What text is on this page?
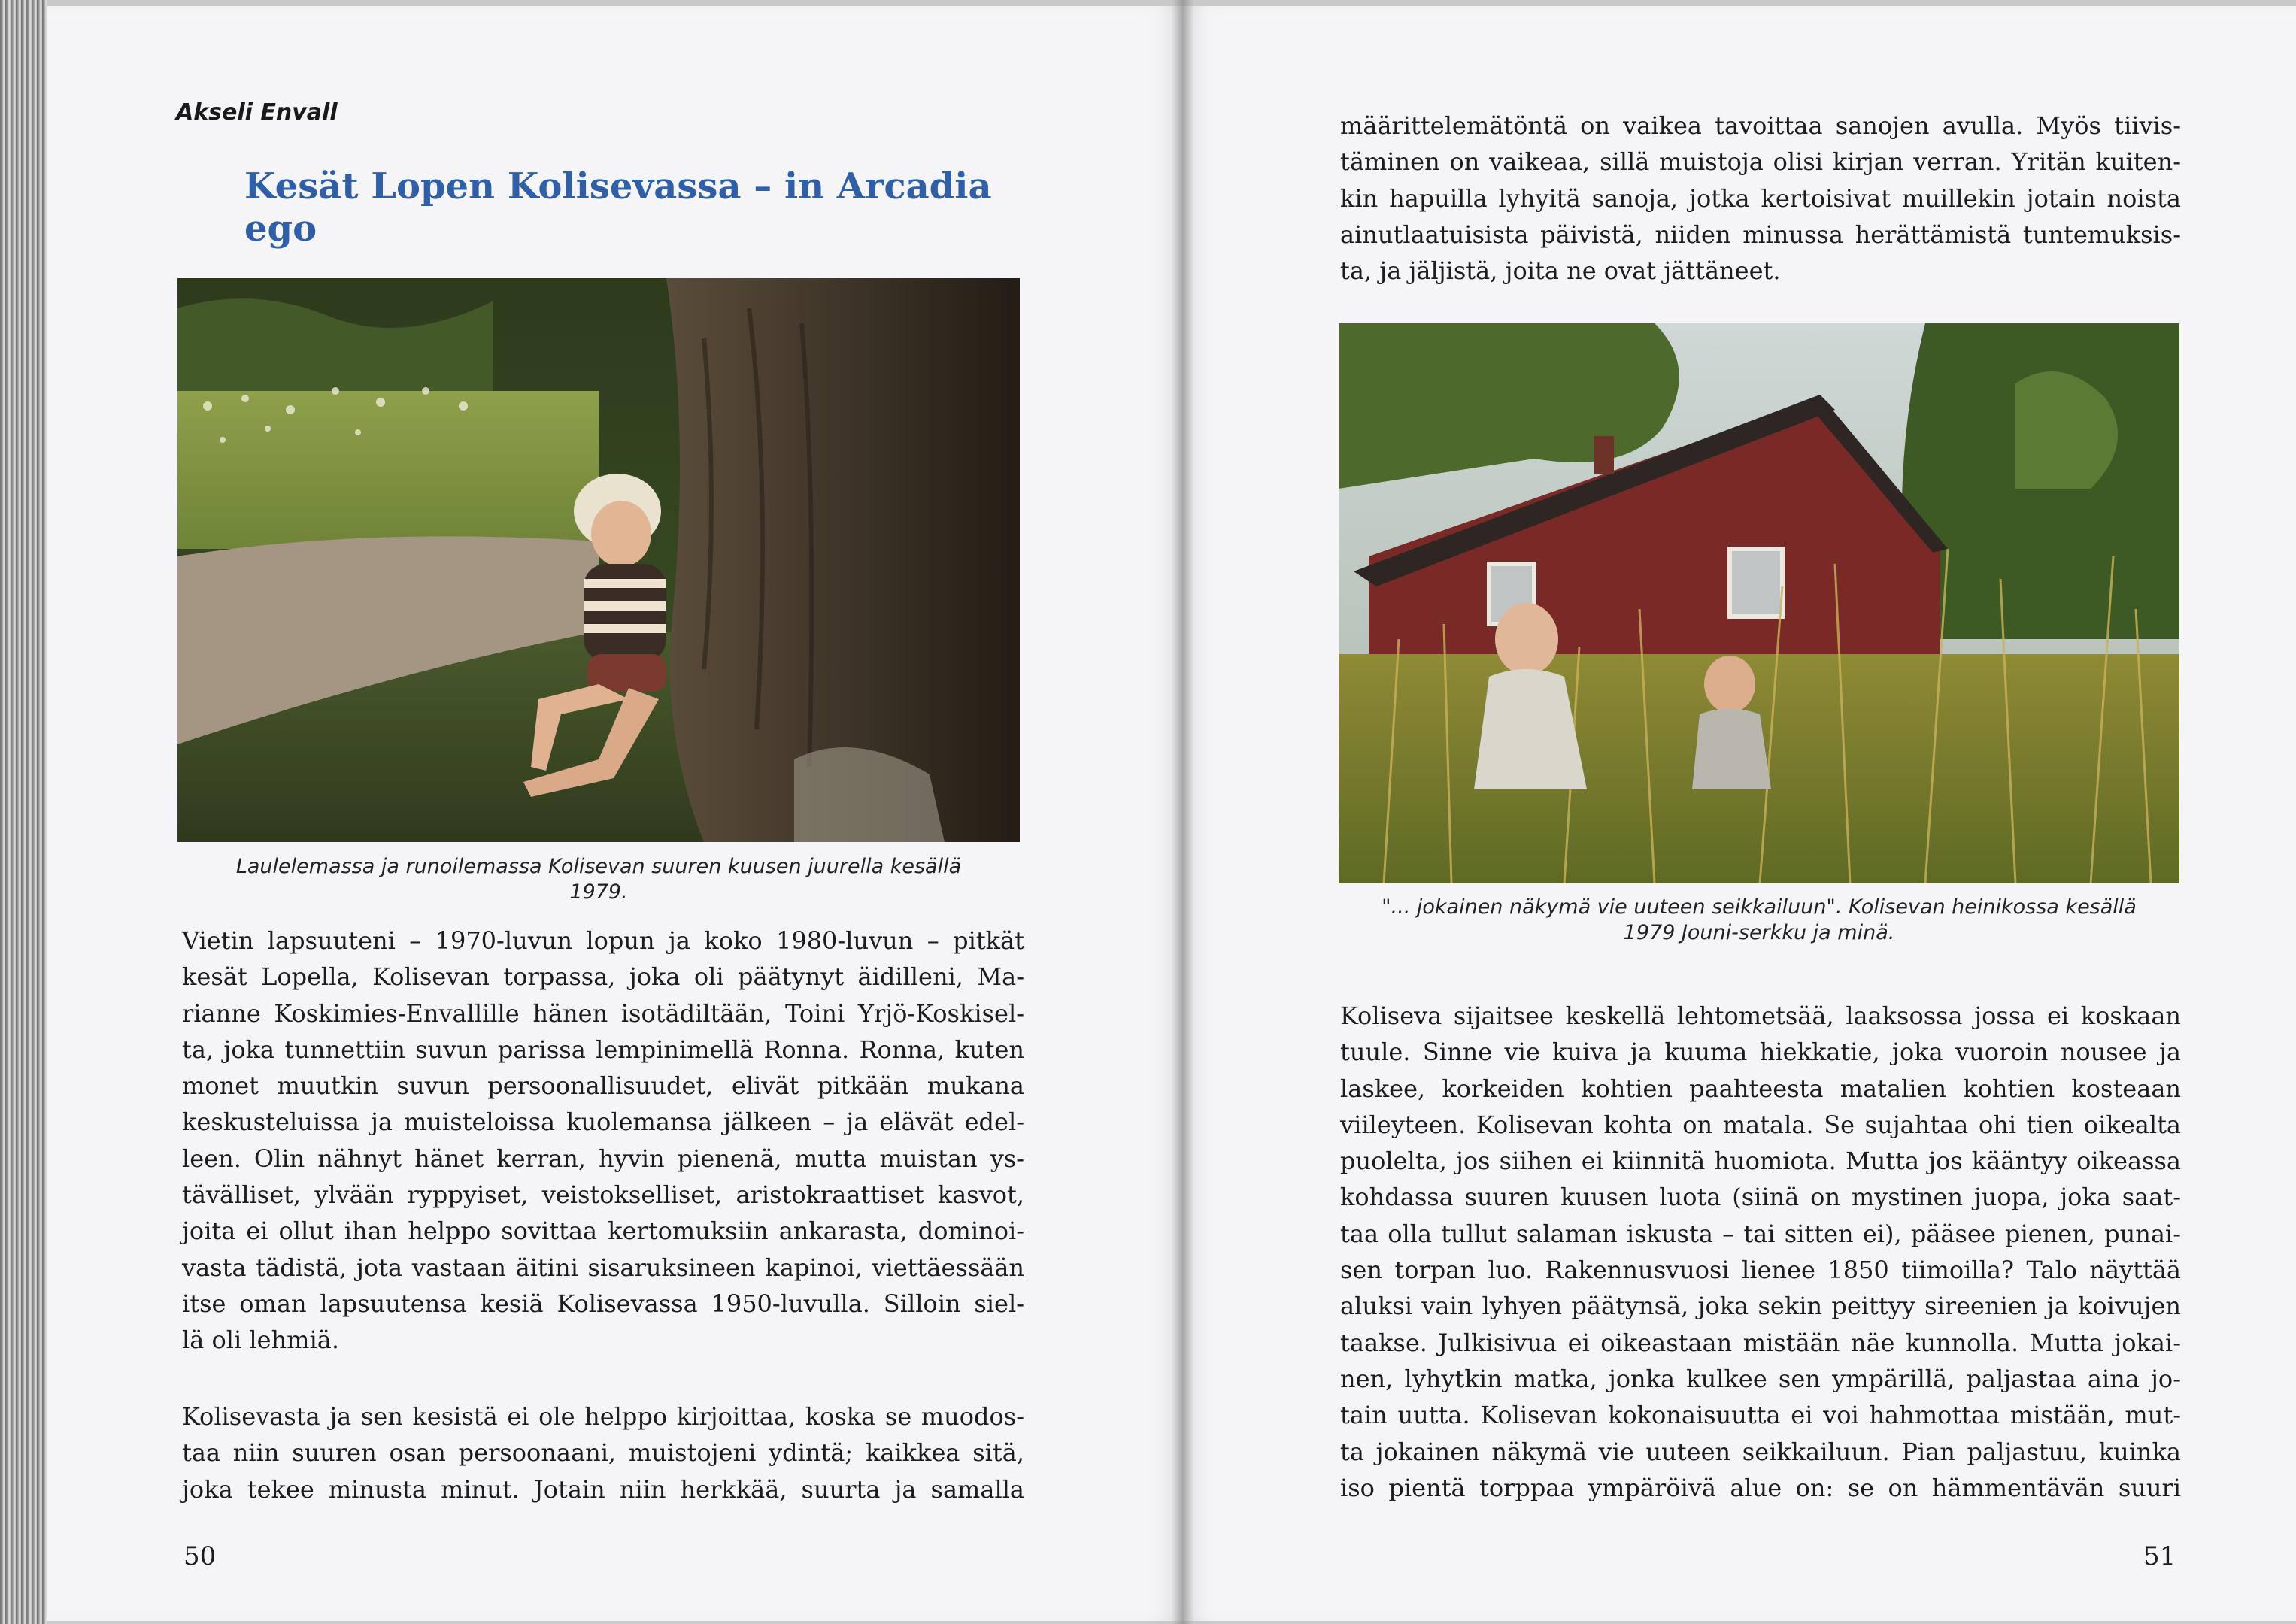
Akseli Envall
Kesät Lopen Kolisevassa – in Arcadia ego
Laulelemassa ja runoilemassa Kolisevan suuren kuusen juurella kesällä
1979.
Vietin lapsuuteni – 1970-luvun lopun ja koko 1980-luvun – pitkät
kesät Lopella, Kolisevan torpassa, joka oli päätynyt äidilleni, Ma-
rianne Koskimies-Envallille hänen isotädiltään, Toini Yrjö-Koskisel-
ta, joka tunnettiin suvun parissa lempinimellä Ronna. Ronna, kuten
monet muutkin suvun persoonallisuudet, elivät pitkään mukana
keskusteluissa ja muisteloissa kuolemansa jälkeen – ja elävät edel-
leen. Olin nähnyt hänet kerran, hyvin pienenä, mutta muistan ys-
tävälliset, ylvään ryppyiset, veistokselliset, aristokraattiset kasvot,
joita ei ollut ihan helppo sovittaa kertomuksiin ankarasta, dominoi-
vasta tädistä, jota vastaan äitini sisaruksineen kapinoi, viettäessään
itse oman lapsuutensa kesiä Kolisevassa 1950-luvulla. Silloin siel-
lä oli lehmiä.
Kolisevasta ja sen kesistä ei ole helppo kirjoittaa, koska se muodos-
taa niin suuren osan persoonaani, muistojeni ydintä; kaikkea sitä,
joka tekee minusta minut. Jotain niin herkkää, suurta ja samalla
50
määrittelemätöntä on vaikea tavoittaa sanojen avulla. Myös tiivis-
täminen on vaikeaa, sillä muistoja olisi kirjan verran. Yritän kuiten-
kin hapuilla lyhyitä sanoja, jotka kertoisivat muillekin jotain noista
ainutlaatuisista päivistä, niiden minussa herättämistä tuntemuksis-
ta, ja jäljistä, joita ne ovat jättäneet.
"... jokainen näkymä vie uuteen seikkailuun". Kolisevan heinikossa kesällä
1979 Jouni-serkku ja minä.
Koliseva sijaitsee keskellä lehtometsää, laaksossa jossa ei koskaan
tuule. Sinne vie kuiva ja kuuma hiekkatie, joka vuoroin nousee ja
laskee, korkeiden kohtien paahteesta matalien kohtien kosteaan
viileyteen. Kolisevan kohta on matala. Se sujahtaa ohi tien oikealta
puolelta, jos siihen ei kiinnitä huomiota. Mutta jos kääntyy oikeassa
kohdassa suuren kuusen luota (siinä on mystinen juopa, joka saat-
taa olla tullut salaman iskusta – tai sitten ei), pääsee pienen, punai-
sen torpan luo. Rakennusvuosi lienee 1850 tiimoilla? Talo näyttää
aluksi vain lyhyen päätynsä, joka sekin peittyy sireenien ja koivujen
taakse. Julkisivua ei oikeastaan mistään näe kunnolla. Mutta jokai-
nen, lyhytkin matka, jonka kulkee sen ympärillä, paljastaa aina jo-
tain uutta. Kolisevan kokonaisuutta ei voi hahmottaa mistään, mut-
ta jokainen näkymä vie uuteen seikkailuun. Pian paljastuu, kuinka
iso pientä torppaa ympäröivä alue on: se on hämmentävän suuri
51
